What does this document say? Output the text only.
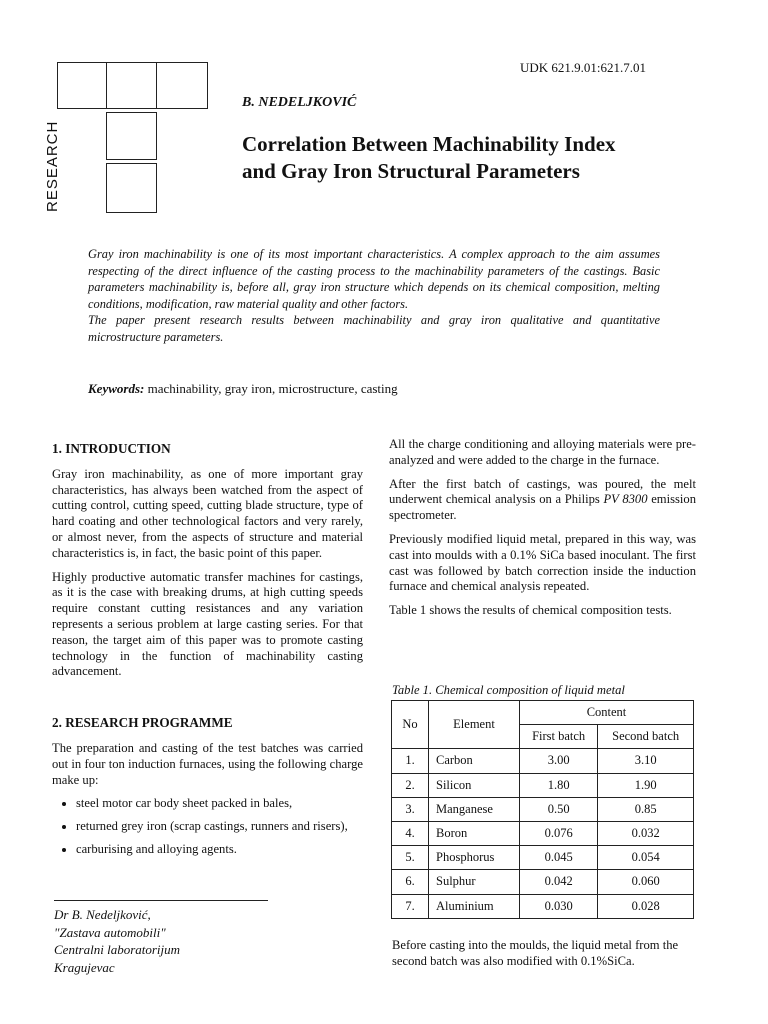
UDK 621.9.01:621.7.01
RESEARCH
B. NEDELJKOVIĆ
Correlation Between Machinability Index
and Gray Iron Structural Parameters

Gray iron machinability is one of its most important characteristics. A complex approach to the aim assumes respecting of the direct influence of the casting process to the machinability parameters of the castings. Basic parameters machinability is, before all, gray iron structure which depends on its chemical composition, melting conditions, modification, raw material quality and other factors.

The paper present research results between machinability and gray iron qualitative and quantitative microstructure parameters.

Keywords: machinability, gray iron, microstructure, casting
1. INTRODUCTION

Gray iron machinability, as one of more important gray characteristics, has always been watched from the aspect of cutting control, cutting speed, cutting blade structure, type of hard coating and other technological factors and very rarely, or almost never, from the aspects of structure and material characteristics is, in fact, the basic point of this paper.

Highly productive automatic transfer machines for castings, as it is the case with breaking drums, at high cutting speeds require constant cutting resistances and any variation represents a serious problem at large casting series. For that reason, the target aim of this paper was to promote casting technology in the function of machinability casting advancement.

2. RESEARCH PROGRAMME

The preparation and casting of the test batches was carried out in four ton induction furnaces, using the following charge make up:

• steel motor car body sheet packed in bales,
• returned grey iron (scrap castings, runners and risers),
• carburising and alloying agents.
Dr B. Nedeljković,
"Zastava automobili"
Centralni laboratorijum
Kragujevac

All the charge conditioning and alloying materials were pre-analyzed and were added to the charge in the furnace.

After the first batch of castings, was poured, the melt underwent chemical analysis on a Philips PV 8300 emission spectrometer.

Previously modified liquid metal, prepared in this way, was cast into moulds with a 0.1% SiCa based inoculant. The first cast was followed by batch correction inside the induction furnace and chemical analysis repeated.

Table 1 shows the results of chemical composition tests.

Table 1. Chemical composition of liquid metal
No	Element	Content	
		First batch	Second batch
1.	Carbon	3.00	3.10
2.	Silicon	1.80	1.90
3.	Manganese	0.50	0.85
4.	Boron	0.076	0.032
5.	Phosphorus	0.045	0.054
6.	Sulphur	0.042	0.060
7.	Aluminium	0.030	0.028
Before casting into the moulds, the liquid metal from the second batch was also modified with 0.1%SiCa.
